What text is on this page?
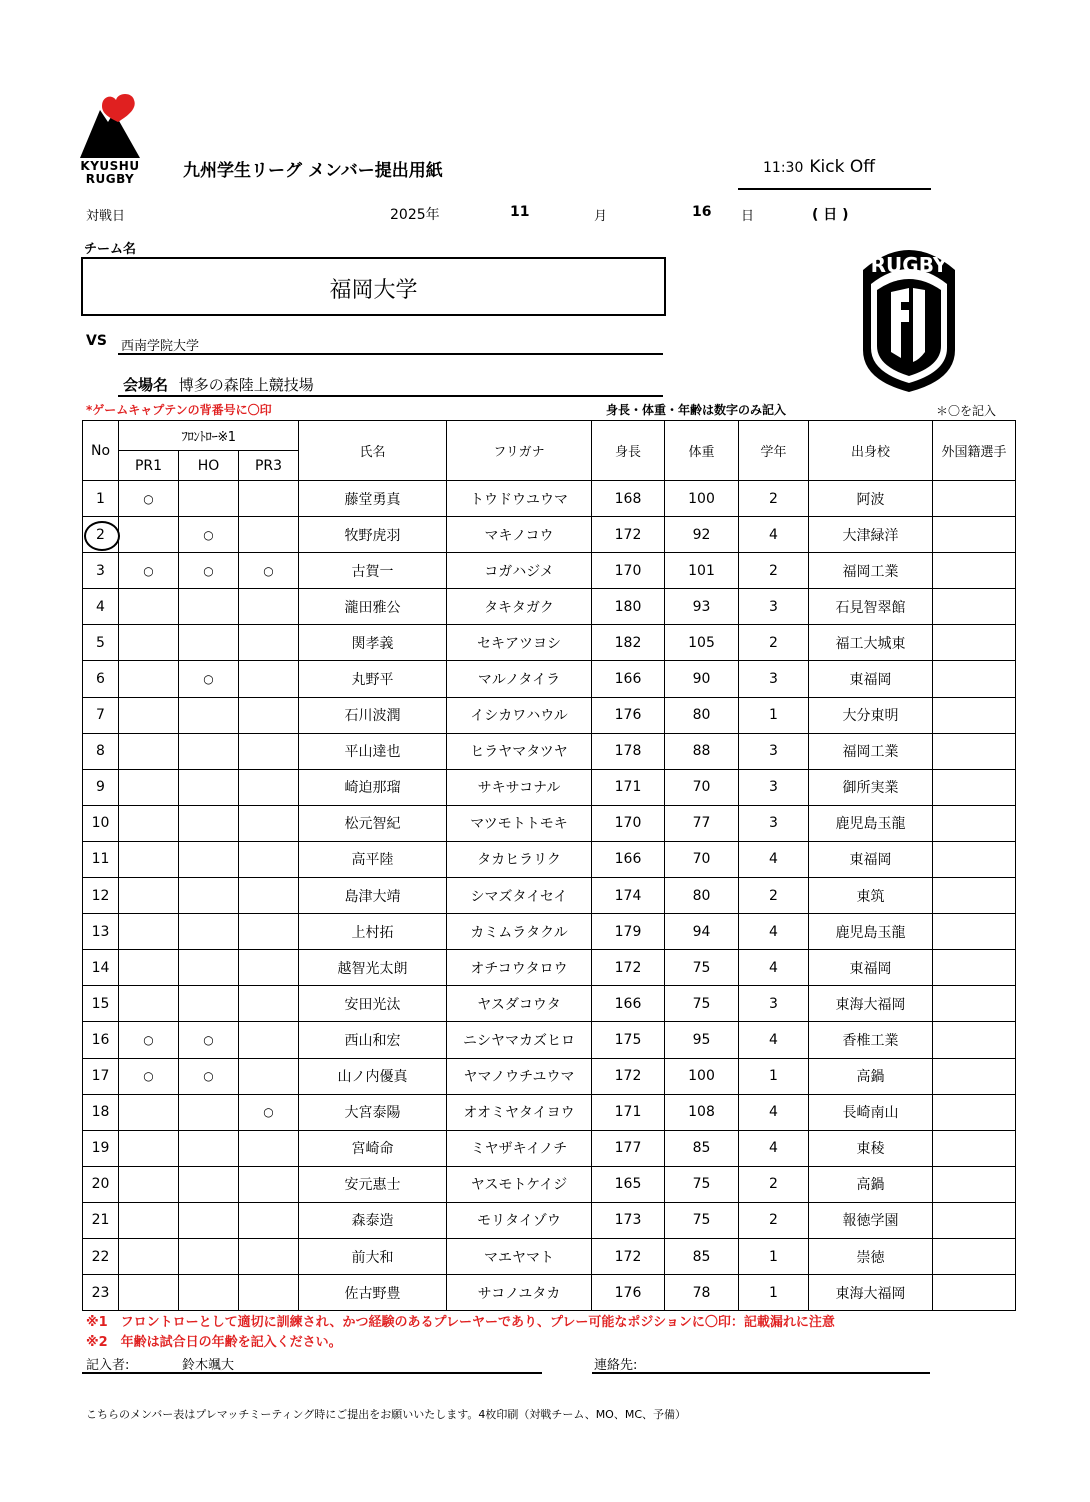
KYUSHU
RUGBY	九州学生リーグ メンバー提出用紙	11:30 Kick Off
対戦日	2025年	11	月	16 日	( 日 )
チーム名
福岡大学
RUGBY
VS 西南学院大学
会場名 博多の森陸上競技場
*ゲームキャプテンの背番号に〇印	身長・体重・年齢は数字のみ記入	＊〇を記入
No	ﾌﾛﾝﾄﾛｰ※1			氏名	フリガナ	身長	体重	学年	出身校	外国籍選手
	PR1	HO	PR3							
1	○			藤堂勇真	トウドウユウマ	168	100	2	阿波	
2		○		牧野虎羽	マキノコウ	172	92	4	大津緑洋	
3	○	○	○	古賀一	コガハジメ	170	101	2	福岡工業	
4				瀧田雅公	タキタガク	180	93	3	石見智翠館	
5				関孝義	セキアツヨシ	182	105	2	福工大城東	
6		○		丸野平	マルノタイラ	166	90	3	東福岡	
7				石川波潤	イシカワハウル	176	80	1	大分東明	
8				平山達也	ヒラヤマタツヤ	178	88	3	福岡工業	
9				崎迫那瑠	サキサコナル	171	70	3	御所実業	
10				松元智紀	マツモトトモキ	170	77	3	鹿児島玉龍	
11				高平陸	タカヒラリク	166	70	4	東福岡	
12				島津大靖	シマズタイセイ	174	80	2	東筑	
13				上村拓	カミムラタクル	179	94	4	鹿児島玉龍	
14				越智光太朗	オチコウタロウ	172	75	4	東福岡	
15				安田光汰	ヤスダコウタ	166	75	3	東海大福岡	
16	○	○		西山和宏	ニシヤマカズヒロ	175	95	4	香椎工業	
17	○	○		山ノ内優真	ヤマノウチユウマ	172	100	1	高鍋	
18			○	大宮泰陽	オオミヤタイヨウ	171	108	4	長崎南山	
19				宮崎命	ミヤザキイノチ	177	85	4	東稜	
20				安元惠士	ヤスモトケイジ	165	75	2	高鍋	
21				森泰造	モリタイゾウ	173	75	2	報徳学園	
22				前大和	マエヤマト	172	85	1	崇徳	
23				佐古野豊	サコノユタカ	176	78	1	東海大福岡	
※1　フロントローとして適切に訓練され、かつ経験のあるプレーヤーであり、プレー可能なポジションに〇印：記載漏れに注意
※2　年齢は試合日の年齢を記入ください。
記入者:	鈴木颯大	連絡先:
こちらのメンバー表はプレマッチミーティング時にご提出をお願いいたします。4枚印刷（対戦チーム、MO、MC、予備）
